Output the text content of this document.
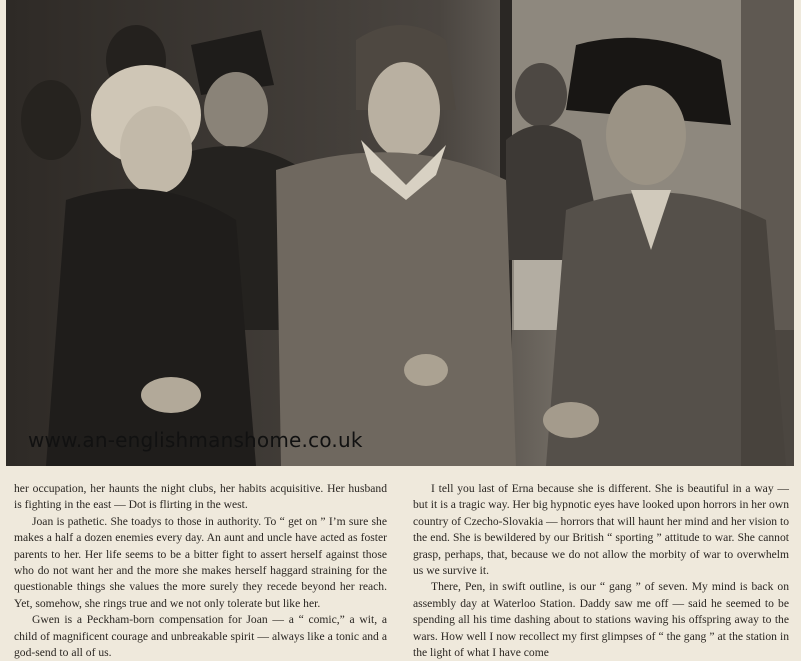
www.an-englishmanshome.co.uk

her occupation, her haunts the night clubs, her habits acquisitive. Her husband is fighting in the east — Dot is flirting in the west.

Joan is pathetic. She toadys to those in authority. To “ get on ” I’m sure she makes a half a dozen enemies every day. An aunt and uncle have acted as foster parents to her. Her life seems to be a bitter fight to assert herself against those who do not want her and the more she makes herself haggard straining for the questionable things she values the more surely they recede beyond her reach. Yet, somehow, she rings true and we not only tolerate but like her.

Gwen is a Peckham-born compensation for Joan — a “ comic,” a wit, a child of magnificent courage and unbreakable spirit — always like a tonic and a god-send to all of us.

I tell you last of Erna because she is different. She is beautiful in a way — but it is a tragic way. Her big hypnotic eyes have looked upon horrors in her own country of Czecho-Slovakia — horrors that will haunt her mind and her vision to the end. She is bewildered by our British “ sporting ” attitude to war. She cannot grasp, perhaps, that, because we do not allow the morbity of war to overwhelm us we survive it.

There, Pen, in swift outline, is our “ gang ” of seven. My mind is back on assembly day at Waterloo Station. Daddy saw me off — said he seemed to be spending all his time dashing about to stations waving his offspring away to the wars. How well I now recollect my first glimpses of “ the gang ” at the station in the light of what I have come
